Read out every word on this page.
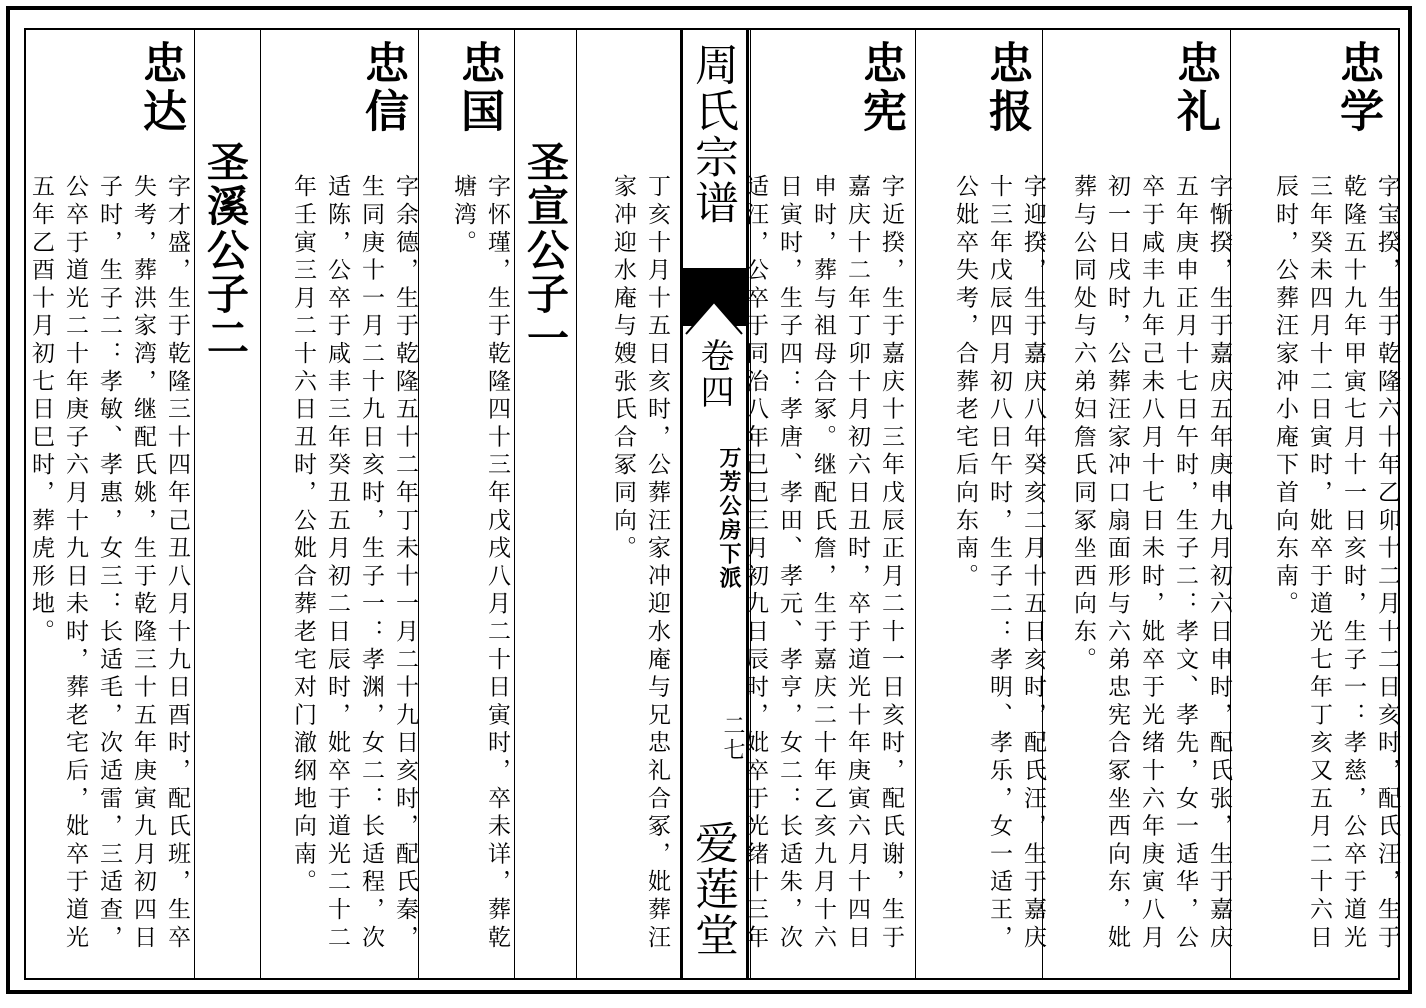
周氏宗谱
卷四
万芳公房下派
二七
爱莲堂
忠学
字宝揆，生于乾隆六十年乙卯十二月十二日亥时，配氏汪，生于乾隆五十九年甲寅七月十一日亥时，生子一：孝慈，公卒于道光三年癸未四月十二日寅时，妣卒于道光七年丁亥又五月二十六日辰时，公葬汪家冲小庵下首向东南。
忠礼
字惭揆，生于嘉庆五年庚申九月初六日申时，配氏张，生于嘉庆五年庚申正月十七日午时，生子二：孝文、孝先，女一适华，公卒于咸丰九年己未八月十七日未时，妣卒于光绪十六年庚寅八月初一日戌时，公葬汪家冲口扇面形与六弟忠宪合冢坐西向东，妣葬与公同处与六弟妇詹氏同冢坐西向东。
忠报
字迎揆，生于嘉庆八年癸亥二月十五日亥时，配氏汪，生于嘉庆十三年戊辰四月初八日午时，生子二：孝明、孝乐，女一适王，公妣卒失考，合葬老宅后向东南。
忠宪
字近揆，生于嘉庆十三年戊辰正月二十一日亥时，配氏谢，生于嘉庆十二年丁卯十月初六日丑时，卒于道光十年庚寅六月十四日申时，葬与祖母合冢。继配氏詹，生于嘉庆二十年乙亥九月十六日寅时，生子四：孝唐、孝田、孝元、孝亨，女二：长适朱，次适汪，公卒于同治八年己巳三月初九日辰时，妣卒于光绪十三年
丁亥十月十五日亥时，公葬汪家冲迎水庵与兄忠礼合冢，妣葬汪家冲迎水庵与嫂张氏合冢同向。
圣宣公子一
忠国
字怀瑾，生于乾隆四十三年戊戌八月二十日寅时，卒未详，葬乾塘湾。
忠信
字余德，生于乾隆五十二年丁未十一月二十九日亥时，配氏秦，生同庚十一月二十九日亥时，生子一：孝渊，女二：长适程，次适陈，公卒于咸丰三年癸丑五月初二日辰时，妣卒于道光二十二年壬寅三月二十六日丑时，公妣合葬老宅对门澈纲地向南。
圣溪公子二
忠达
字才盛，生于乾隆三十四年己丑八月十九日酉时，配氏班，生卒失考，葬洪家湾，继配氏姚，生于乾隆三十五年庚寅九月初四日子时，生子二：孝敏、孝惠，女三：长适毛，次适雷，三适查，公卒于道光二十年庚子六月十九日未时，葬老宅后，妣卒于道光五年乙酉十月初七日巳时，葬虎形地。
